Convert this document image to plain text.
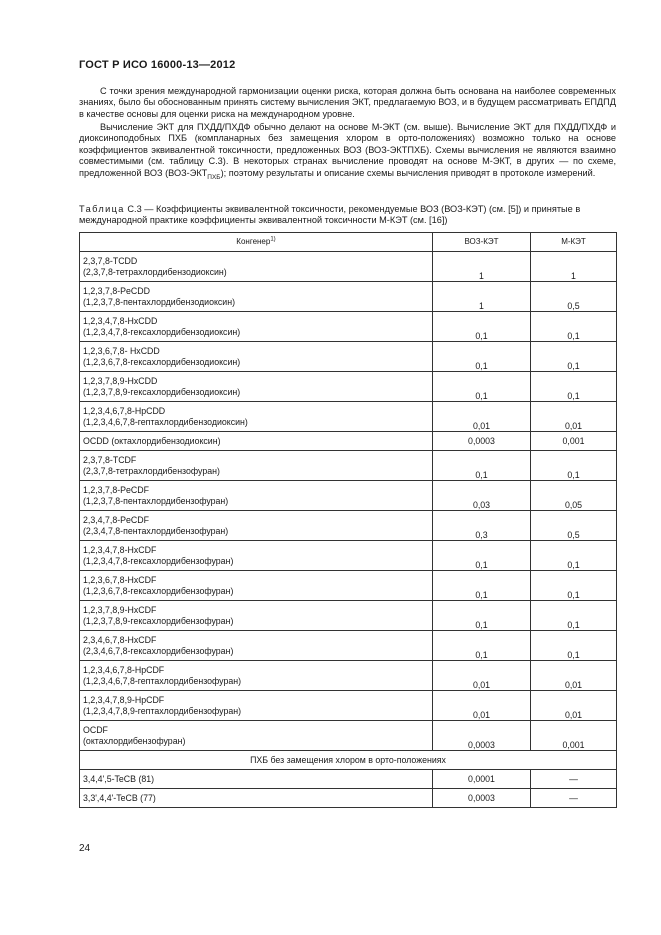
ГОСТ Р ИСО 16000-13—2012

С точки зрения международной гармонизации оценки риска, которая должна быть основана на наиболее современных знаниях, было бы обоснованным принять систему вычисления ЭКТ, предлагаемую ВОЗ, и в будущем рассматривать ЕПДПД в качестве основы для оценки риска на международном уровне.

Вычисление ЭКТ для ПХДД/ПХДФ обычно делают на основе М-ЭКТ (см. выше). Вычисление ЭКТ для ПХДД/ПХДФ и диоксиноподобных ПХБ (компланарных без замещения хлором в орто-положениях) возможно только на основе коэффициентов эквивалентной токсичности, предложенных ВОЗ (ВОЗ-ЭКТПХБ). Схемы вычисления не являются взаимно совместимыми (см. таблицу С.3). В некоторых странах вычисление проводят на основе М-ЭКТ, в других — по схеме, предложенной ВОЗ $(ВОЗ-ЭКТ_{ПХБ})$; поэтому результаты и описание схемы вычисления приводят в протоколе измерений.

Таблица С.3 — Коэффициенты эквивалентной токсичности, рекомендуемые ВОЗ (ВОЗ-КЭТ) (см. [5]) и принятые в международной практике коэффициенты эквивалентной токсичности М-КЭТ (см. [16])
Конгенер$^{1)}$	ВОЗ-КЭТ	М-КЭТ

2,3,7,8-TCDD
(2,3,7,8-тетрахлордибензодиоксин)	1	1

1,2,3,7,8-PeCDD
(1,2,3,7,8-пентахлордибензодиоксин)	1	0,5

1,2,3,4,7,8-HxCDD
(1,2,3,4,7,8-гексахлордибензодиоксин)	0,1	0,1

1,2,3,6,7,8- HxCDD
(1,2,3,6,7,8-гексахлордибензодиоксин)	0,1	0,1

1,2,3,7,8,9-HxCDD
(1,2,3,7,8,9-гексахлордибензодиоксин)	0,1	0,1

1,2,3,4,6,7,8-HpCDD
(1,2,3,4,6,7,8-гептахлордибензодиоксин)	0,01	0,01

OCDD (октахлордибензодиоксин)	0,0003	0,001

2,3,7,8-TCDF
(2,3,7,8-тетрахлордибензофуран)	0,1	0,1

1,2,3,7,8-PeCDF
(1,2,3,7,8-пентахлордибензофуран)	0,03	0,05

2,3,4,7,8-PeCDF
(2,3,4,7,8-пентахлордибензофуран)	0,3	0,5

1,2,3,4,7,8-HxCDF
(1,2,3,4,7,8-гексахлордибензофуран)	0,1	0,1

1,2,3,6,7,8-HxCDF
(1,2,3,6,7,8-гексахлордибензофуран)	0,1	0,1

1,2,3,7,8,9-HxCDF
(1,2,3,7,8,9-гексахлордибензофуран)	0,1	0,1

2,3,4,6,7,8-HxCDF
(2,3,4,6,7,8-гексахлордибензофуран)	0,1	0,1

1,2,3,4,6,7,8-HpCDF
(1,2,3,4,6,7,8-гептахлордибензофуран)	0,01	0,01

1,2,3,4,7,8,9-HpCDF
(1,2,3,4,7,8,9-гептахлордибензофуран)	0,01	0,01

OCDF
(октахлордибензофуран)	0,0003	0,001
ПХБ без замещения хлором в орто-положениях		
3,4,4',5-TeCB (81)	0,0001	—
3,3',4,4'-TeCB (77)	0,0003	—
24
